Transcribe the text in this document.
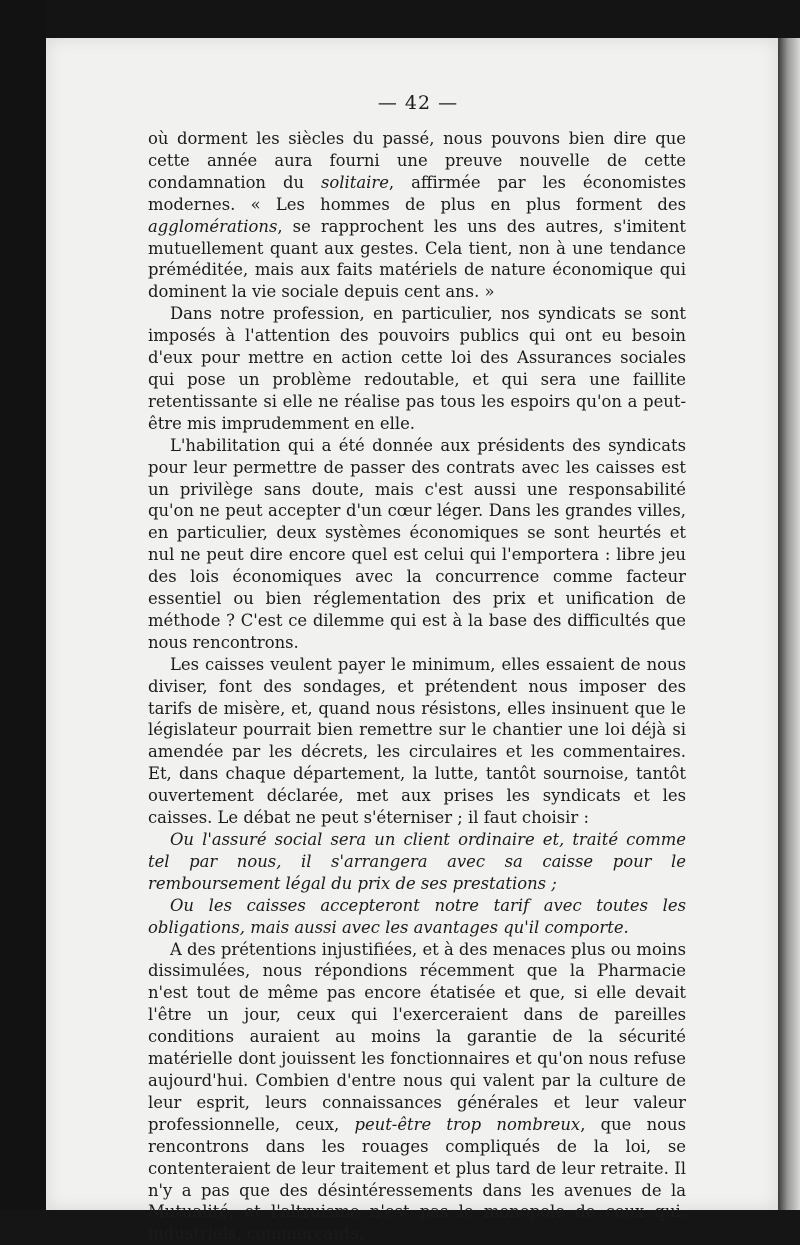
— 42 —

où dorment les siècles du passé, nous pouvons bien dire que cette année aura fourni une preuve nouvelle de cette condamnation du solitaire, affirmée par les économistes modernes. « Les hommes de plus en plus forment des agglomérations, se rapprochent les uns des autres, s'imitent mutuellement quant aux gestes. Cela tient, non à une tendance préméditée, mais aux faits matériels de nature économique qui dominent la vie sociale depuis cent ans. »

Dans notre profession, en particulier, nos syndicats se sont imposés à l'attention des pouvoirs publics qui ont eu besoin d'eux pour mettre en action cette loi des Assurances sociales qui pose un problème redoutable, et qui sera une faillite retentissante si elle ne réalise pas tous les espoirs qu'on a peut-être mis imprudemment en elle.

L'habilitation qui a été donnée aux présidents des syndicats pour leur permettre de passer des contrats avec les caisses est un privilège sans doute, mais c'est aussi une responsabilité qu'on ne peut accepter d'un cœur léger. Dans les grandes villes, en particulier, deux systèmes économiques se sont heurtés et nul ne peut dire encore quel est celui qui l'emportera : libre jeu des lois économiques avec la concurrence comme facteur essentiel ou bien réglementation des prix et unification de méthode ? C'est ce dilemme qui est à la base des difficultés que nous rencontrons.

Les caisses veulent payer le minimum, elles essaient de nous diviser, font des sondages, et prétendent nous imposer des tarifs de misère, et, quand nous résistons, elles insinuent que le législateur pourrait bien remettre sur le chantier une loi déjà si amendée par les décrets, les circulaires et les commentaires. Et, dans chaque département, la lutte, tantôt sournoise, tantôt ouvertement déclarée, met aux prises les syndicats et les caisses. Le débat ne peut s'éterniser ; il faut choisir :

Ou l'assuré social sera un client ordinaire et, traité comme tel par nous, il s'arrangera avec sa caisse pour le remboursement légal du prix de ses prestations ;

Ou les caisses accepteront notre tarif avec toutes les obligations, mais aussi avec les avantages qu'il comporte.

A des prétentions injustifiées, et à des menaces plus ou moins dissimulées, nous répondions récemment que la Pharmacie n'est tout de même pas encore étatisée et que, si elle devait l'être un jour, ceux qui l'exerceraient dans de pareilles conditions auraient au moins la garantie de la sécurité matérielle dont jouissent les fonctionnaires et qu'on nous refuse aujourd'hui. Combien d'entre nous qui valent par la culture de leur esprit, leurs connaissances générales et leur valeur professionnelle, ceux, peut-être trop nombreux, que nous rencontrons dans les rouages compliqués de la loi, se contenteraient de leur traitement et plus tard de leur retraite. Il n'y a pas que des désintéressements dans les avenues de la Mutualité, et l'altruisme n'est pas le monopole de ceux qui, industriels, commerçants,
